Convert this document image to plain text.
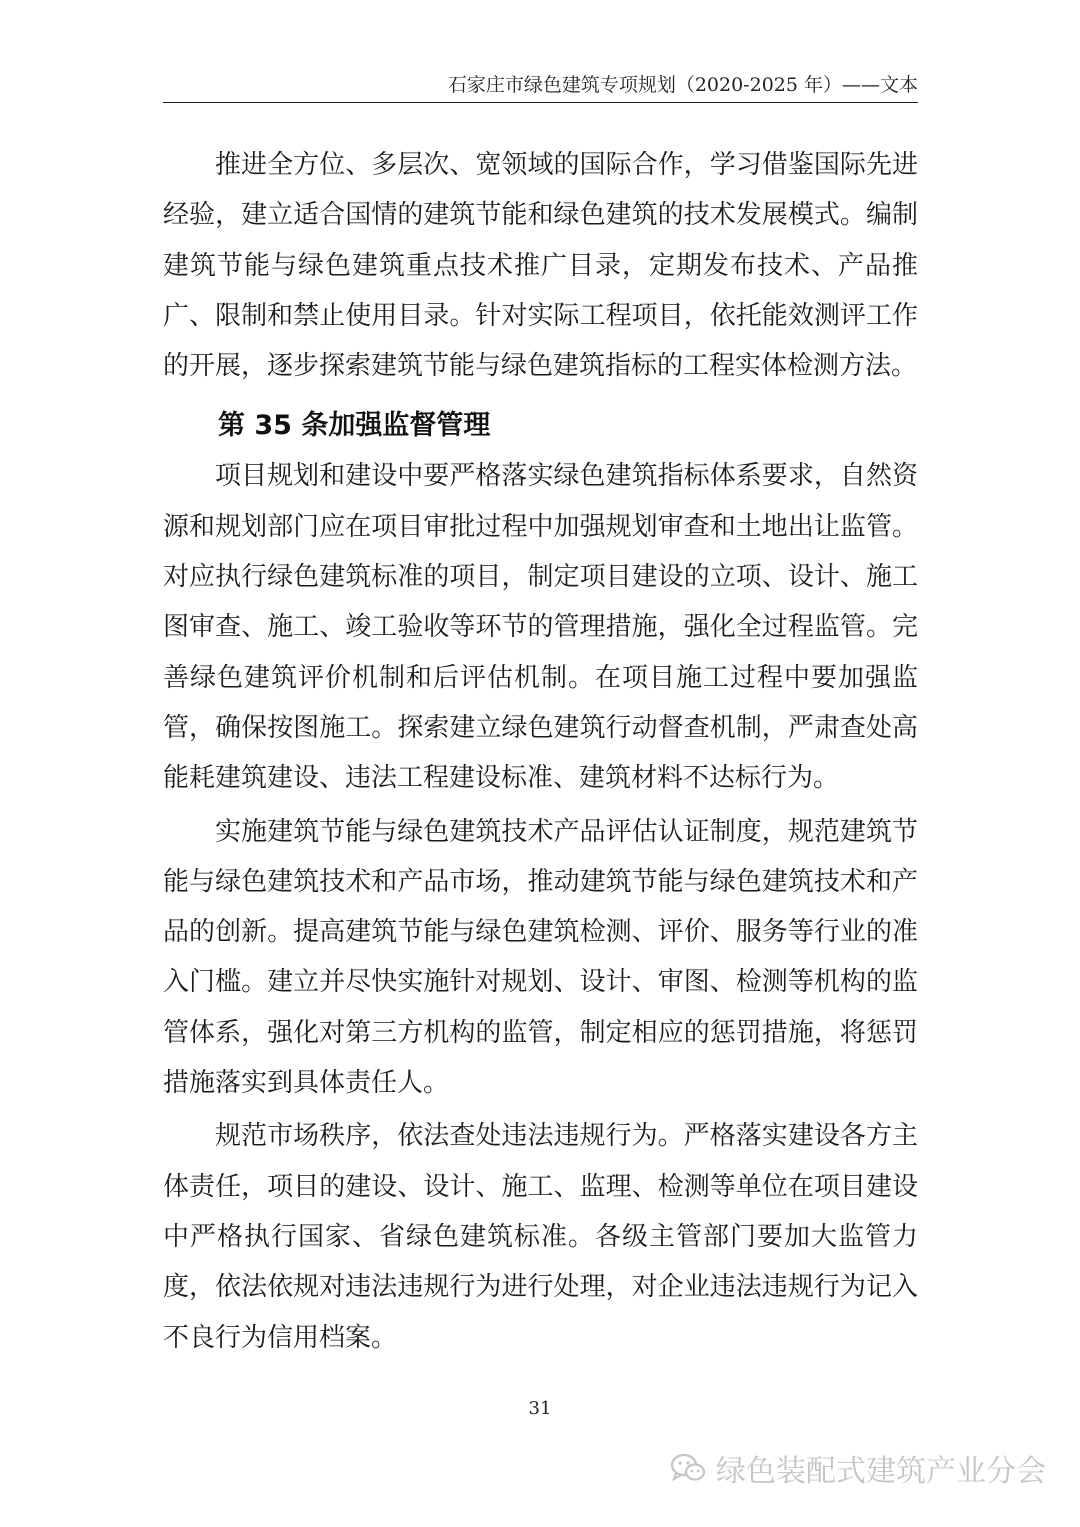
石家庄市绿色建筑专项规划（2020-2025 年）——文本

推进全方位、多层次、宽领域的国际合作，学习借鉴国际先进经验，建立适合国情的建筑节能和绿色建筑的技术发展模式。编制建筑节能与绿色建筑重点技术推广目录，定期发布技术、产品推广、限制和禁止使用目录。针对实际工程项目，依托能效测评工作的开展，逐步探索建筑节能与绿色建筑指标的工程实体检测方法。

第 35 条加强监督管理

项目规划和建设中要严格落实绿色建筑指标体系要求，自然资源和规划部门应在项目审批过程中加强规划审查和土地出让监管。对应执行绿色建筑标准的项目，制定项目建设的立项、设计、施工图审查、施工、竣工验收等环节的管理措施，强化全过程监管。完善绿色建筑评价机制和后评估机制。在项目施工过程中要加强监管，确保按图施工。探索建立绿色建筑行动督查机制，严肃查处高能耗建筑建设、违法工程建设标准、建筑材料不达标行为。

实施建筑节能与绿色建筑技术产品评估认证制度，规范建筑节能与绿色建筑技术和产品市场，推动建筑节能与绿色建筑技术和产品的创新。提高建筑节能与绿色建筑检测、评价、服务等行业的准入门槛。建立并尽快实施针对规划、设计、审图、检测等机构的监管体系，强化对第三方机构的监管，制定相应的惩罚措施，将惩罚措施落实到具体责任人。

规范市场秩序，依法查处违法违规行为。严格落实建设各方主体责任，项目的建设、设计、施工、监理、检测等单位在项目建设中严格执行国家、省绿色建筑标准。各级主管部门要加大监管力度，依法依规对违法违规行为进行处理，对企业违法违规行为记入不良行为信用档案。

31
绿色装配式建筑产业分会
